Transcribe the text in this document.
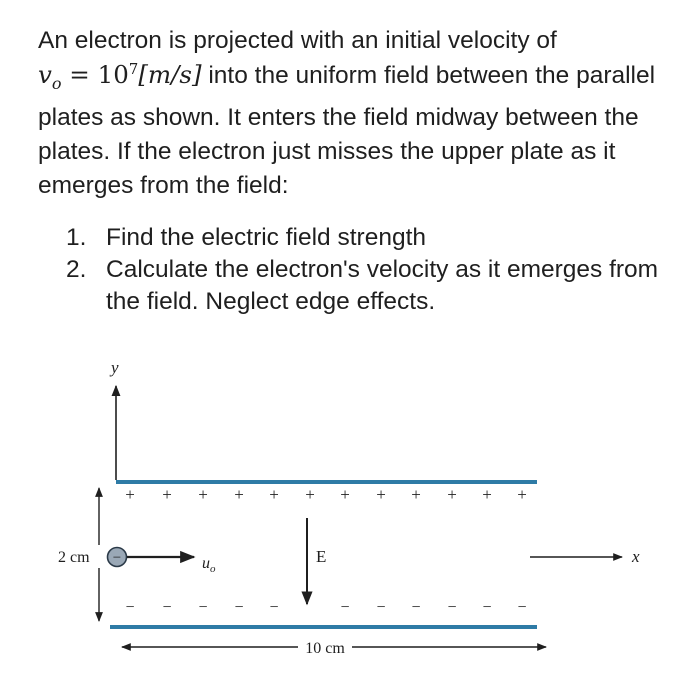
An electron is projected with an initial velocity of
$v_o = 10^7[m/s]$ into the uniform field between the parallel plates as shown. It enters the field midway between the plates. If the electron just misses the upper plate as it emerges from the field:

1. Find the electric field strength
2. Calculate the electron's velocity as it emerges from the field. Neglect edge effects.
y
+ + + + + + + + + + + +
− − − − −	− − − − − −
2 cm −	$u_o$
E	x
10 cm
